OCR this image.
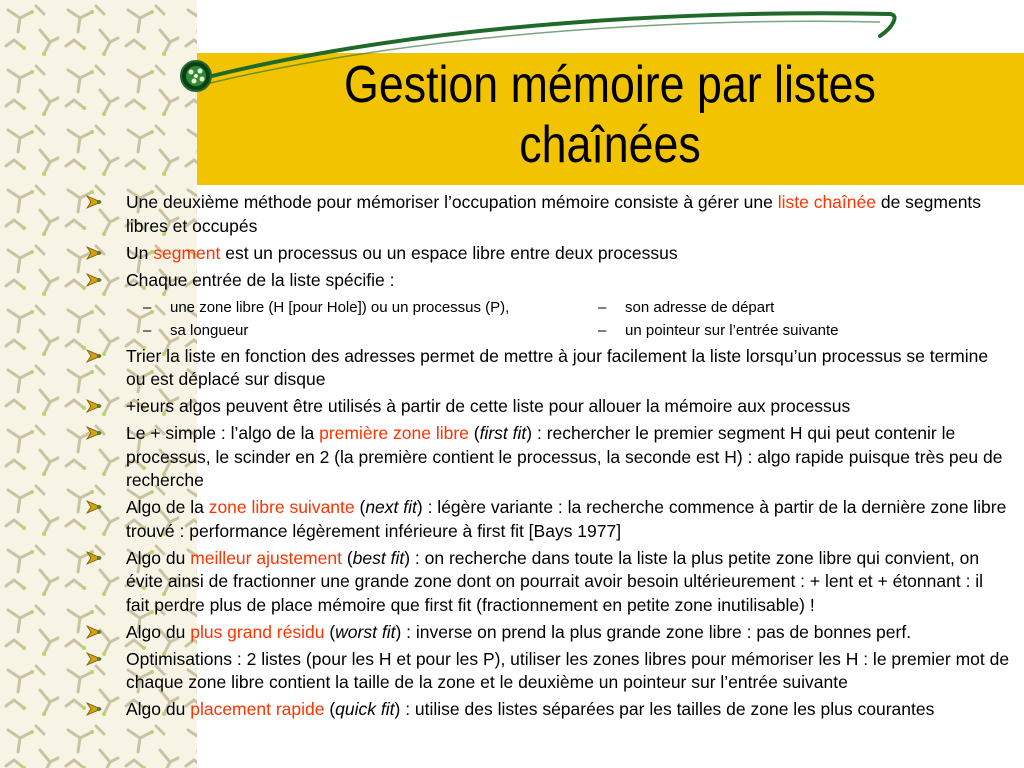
Gestion mémoire par listes
chaînées
Une deuxième méthode pour mémoriser l’occupation mémoire consiste à gérer une liste chaînée de segments libres et occupés
Un segment est un processus ou un espace libre entre deux processus
Chaque entrée de la liste spécifie :
– une zone libre (H [pour Hole]) ou un processus (P),	– son adresse de départ
– sa longueur	– un pointeur sur l’entrée suivante
Trier la liste en fonction des adresses permet de mettre à jour facilement la liste lorsqu’un processus se termine ou est déplacé sur disque
+ieurs algos peuvent être utilisés à partir de cette liste pour allouer la mémoire aux processus
Le + simple : l’algo de la première zone libre (first fit) : rechercher le premier segment H qui peut contenir le processus, le scinder en 2 (la première contient le processus, la seconde est H) : algo rapide puisque très peu de recherche
Algo de la zone libre suivante (next fit) : légère variante : la recherche commence à partir de la dernière zone libre trouvé : performance légèrement inférieure à first fit [Bays 1977]
Algo du meilleur ajustement (best fit) : on recherche dans toute la liste la plus petite zone libre qui convient, on évite ainsi de fractionner une grande zone dont on pourrait avoir besoin ultérieurement : + lent et + étonnant : il fait perdre plus de place mémoire que first fit (fractionnement en petite zone inutilisable) !
Algo du plus grand résidu (worst fit) : inverse on prend la plus grande zone libre : pas de bonnes perf.
Optimisations : 2 listes (pour les H et pour les P), utiliser les zones libres pour mémoriser les H : le premier mot de chaque zone libre contient la taille de la zone et le deuxième un pointeur sur l’entrée suivante
Algo du placement rapide (quick fit) : utilise des listes séparées par les tailles de zone les plus courantes
